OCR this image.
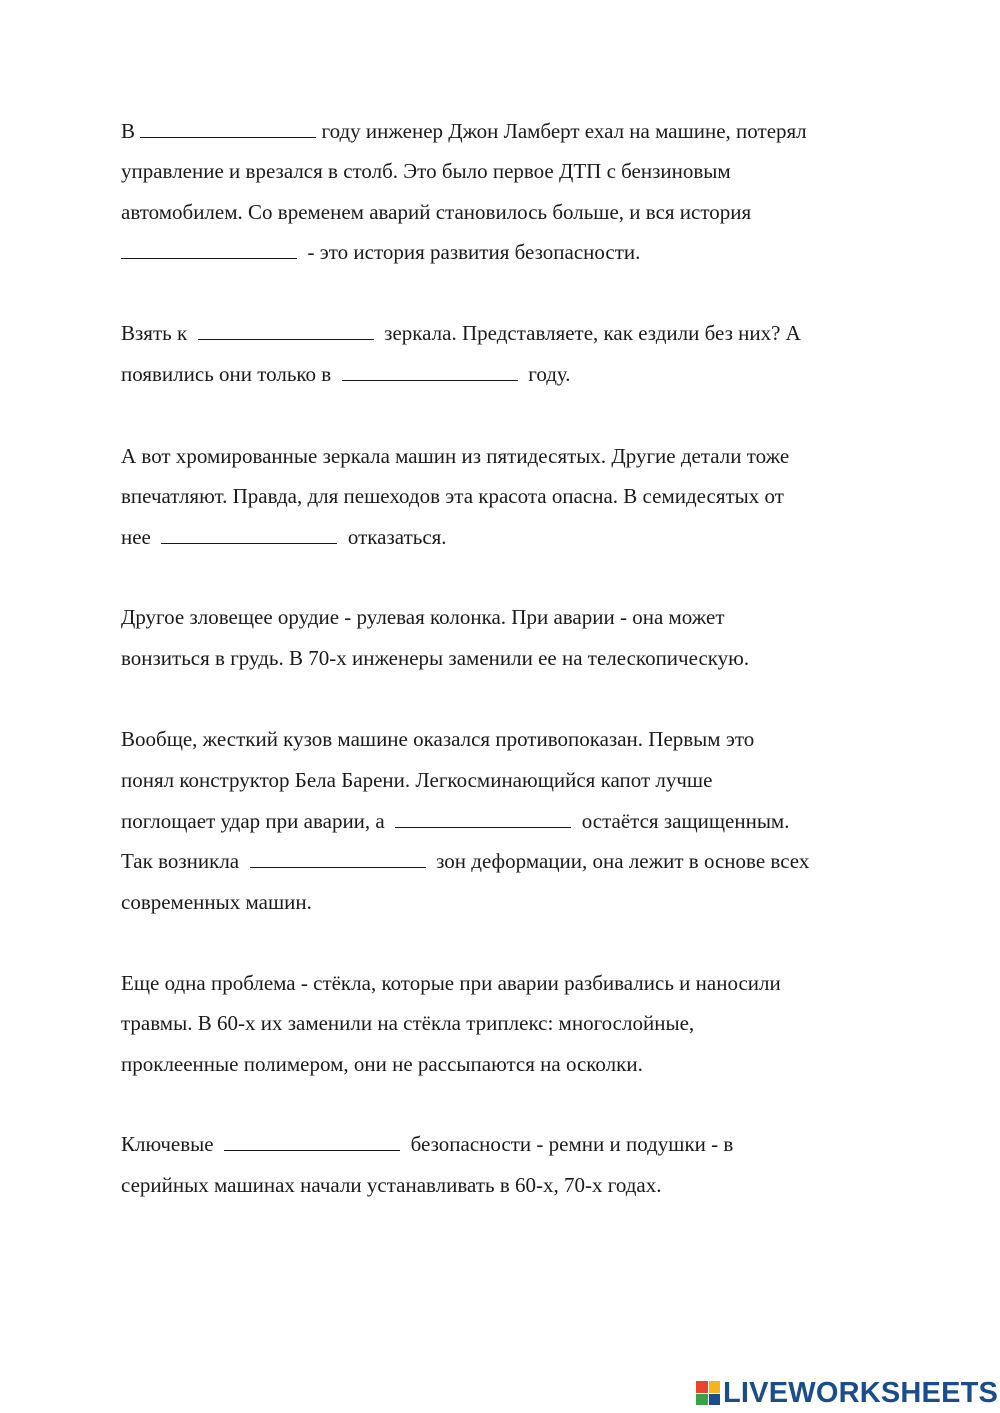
В	году инженер Джон Ламберт ехал на машине, потерял
управление и врезался в столб. Это было первое ДТП с бензиновым
автомобилем. Со временем аварий становилось больше, и вся история
- это история развития безопасности.
Взять к	зеркала. Представляете, как ездили без них? А
появились они только в	году.
А вот хромированные зеркала машин из пятидесятых. Другие детали тоже
впечатляют. Правда, для пешеходов эта красота опасна. В семидесятых от
нее	отказаться.
Другое зловещее орудие - рулевая колонка. При аварии - она может
вонзиться в грудь. В 70-х инженеры заменили ее на телескопическую.
Вообще, жесткий кузов машине оказался противопоказан. Первым это
понял конструктор Бела Барени. Легкосминающийся капот лучше
поглощает удар при аварии, а	остаётся защищенным.
Так возникла	зон деформации, она лежит в основе всех
современных машин.
Еще одна проблема - стёкла, которые при аварии разбивались и наносили
травмы. В 60-х их заменили на стёкла триплекс: многослойные,
проклеенные полимером, они не рассыпаются на осколки.
Ключевые	безопасности - ремни и подушки - в
серийных машинах начали устанавливать в 60-х, 70-х годах.
LIVEWORKSHEETS
